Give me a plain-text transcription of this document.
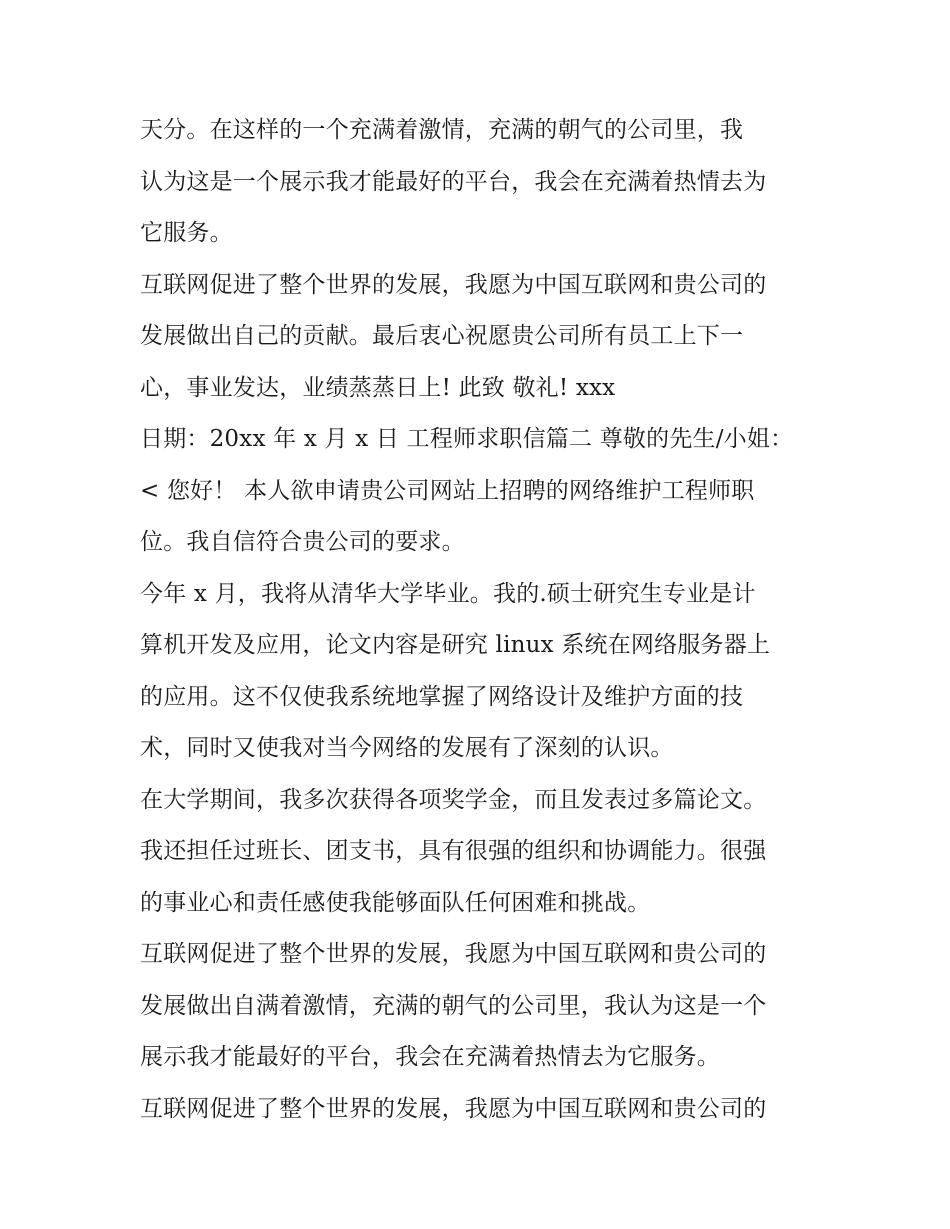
天分。在这样的一个充满着激情，充满的朝气的公司里，我
认为这是一个展示我才能最好的平台，我会在充满着热情去为
它服务。
互联网促进了整个世界的发展，我愿为中国互联网和贵公司的
发展做出自己的贡献。最后衷心祝愿贵公司所有员工上下一
心，事业发达，业绩蒸蒸日上! 此致 敬礼! xxx
日期：20xx 年 x 月 x 日 工程师求职信篇二 尊敬的先生/小姐：
< 您好！ 本人欲申请贵公司网站上招聘的网络维护工程师职
位。我自信符合贵公司的要求。
今年 x 月，我将从清华大学毕业。我的.硕士研究生专业是计
算机开发及应用，论文内容是研究 linux 系统在网络服务器上
的应用。这不仅使我系统地掌握了网络设计及维护方面的技
术，同时又使我对当今网络的发展有了深刻的认识。
在大学期间，我多次获得各项奖学金，而且发表过多篇论文。
我还担任过班长、团支书，具有很强的组织和协调能力。很强
的事业心和责任感使我能够面队任何困难和挑战。
互联网促进了整个世界的发展，我愿为中国互联网和贵公司的
发展做出自满着激情，充满的朝气的公司里，我认为这是一个
展示我才能最好的平台，我会在充满着热情去为它服务。
互联网促进了整个世界的发展，我愿为中国互联网和贵公司的
